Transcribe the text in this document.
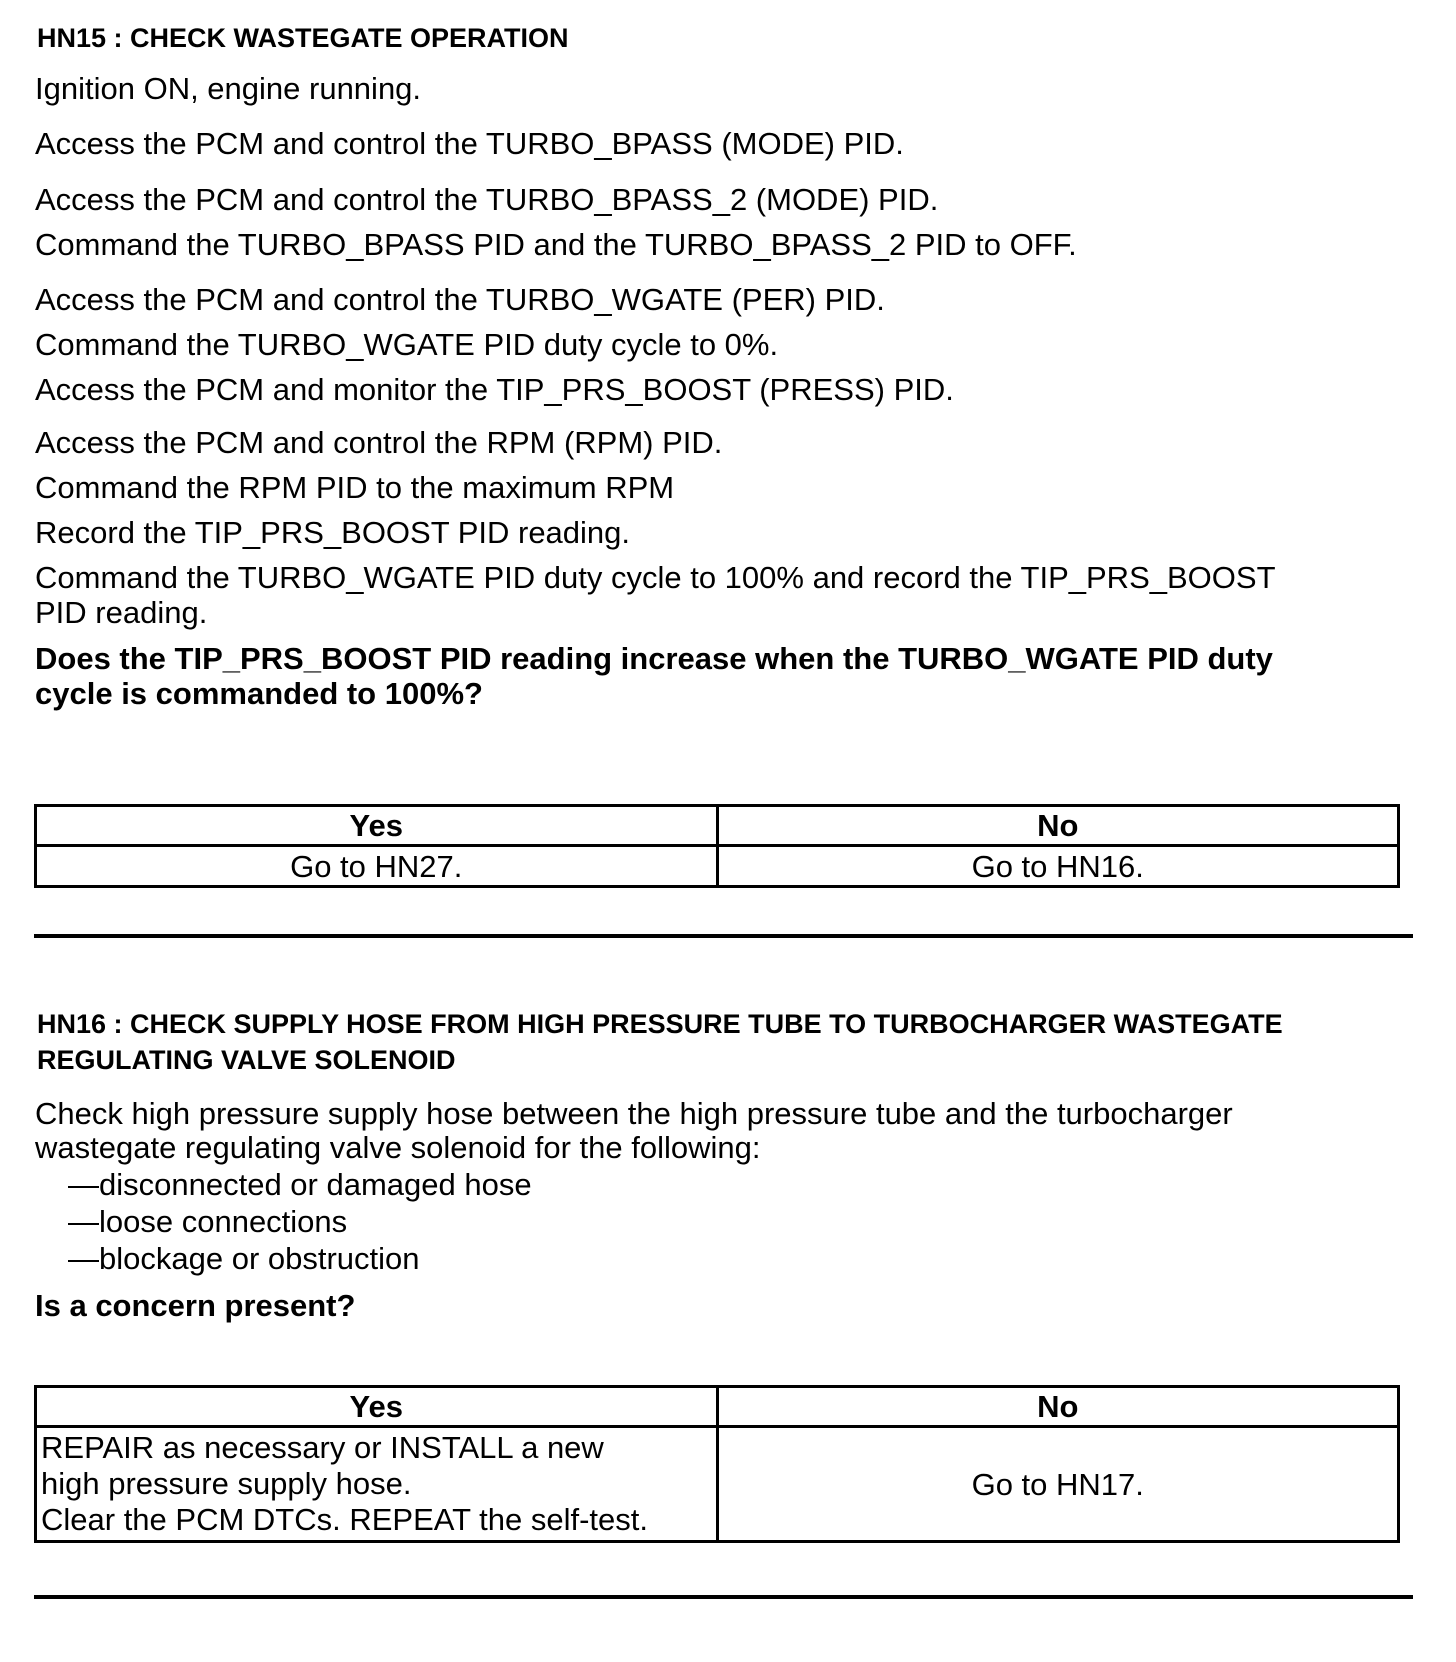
HN15 : CHECK WASTEGATE OPERATION
Ignition ON, engine running.
Access the PCM and control the TURBO_BPASS (MODE) PID.
Access the PCM and control the TURBO_BPASS_2 (MODE) PID.
Command the TURBO_BPASS PID and the TURBO_BPASS_2 PID to OFF.
Access the PCM and control the TURBO_WGATE (PER) PID.
Command the TURBO_WGATE PID duty cycle to 0%.
Access the PCM and monitor the TIP_PRS_BOOST (PRESS) PID.
Access the PCM and control the RPM (RPM) PID.
Command the RPM PID to the maximum RPM
Record the TIP_PRS_BOOST PID reading.
Command the TURBO_WGATE PID duty cycle to 100% and record the TIP_PRS_BOOST
PID reading.
Does the TIP_PRS_BOOST PID reading increase when the TURBO_WGATE PID duty
cycle is commanded to 100%?
Yes	No
Go to HN27.	Go to HN16.
HN16 : CHECK SUPPLY HOSE FROM HIGH PRESSURE TUBE TO TURBOCHARGER WASTEGATE
REGULATING VALVE SOLENOID
Check high pressure supply hose between the high pressure tube and the turbocharger
wastegate regulating valve solenoid for the following:
—disconnected or damaged hose
—loose connections
—blockage or obstruction
Is a concern present?
Yes	No

REPAIR as necessary or INSTALL a new
high pressure supply hose.
Clear the PCM DTCs. REPEAT the self-test.	Go to HN17.
